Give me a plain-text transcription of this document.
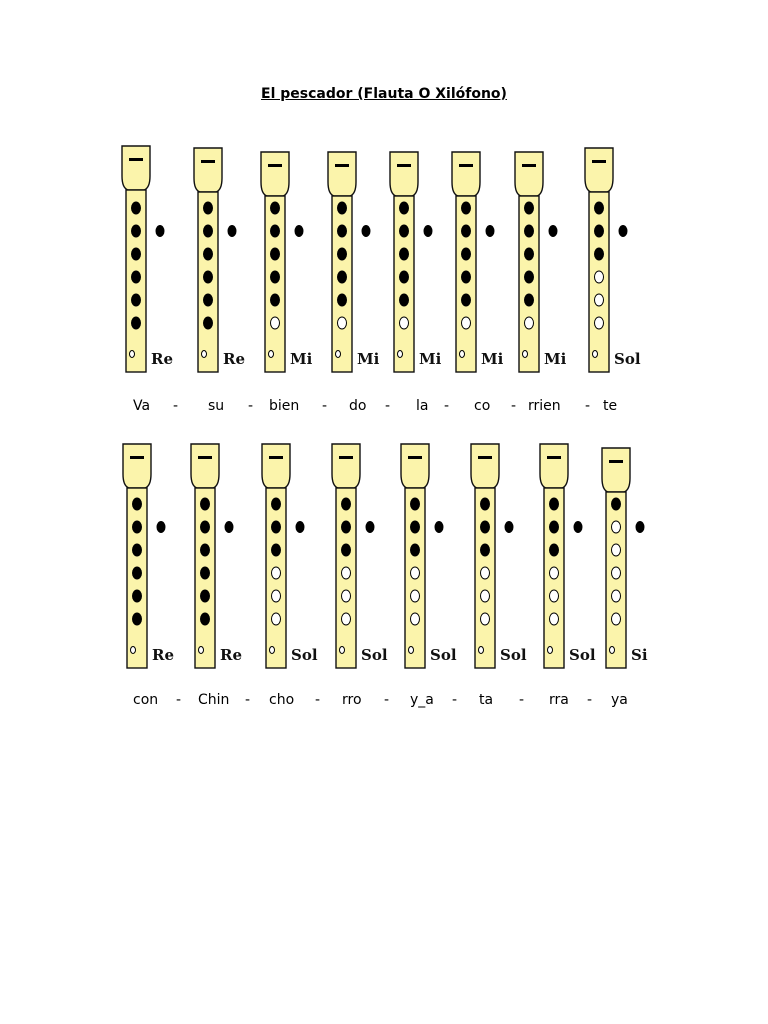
El pescador (Flauta O Xilófono)
Re	Re	Mi	Mi	Mi	Mi	Mi	Sol
Va - su - bien - do - la - co - rrien - te
Re	Re	Sol	Sol	Sol	Sol	Sol Si
con - Chin - cho - rro - y_a - ta - rra - ya
